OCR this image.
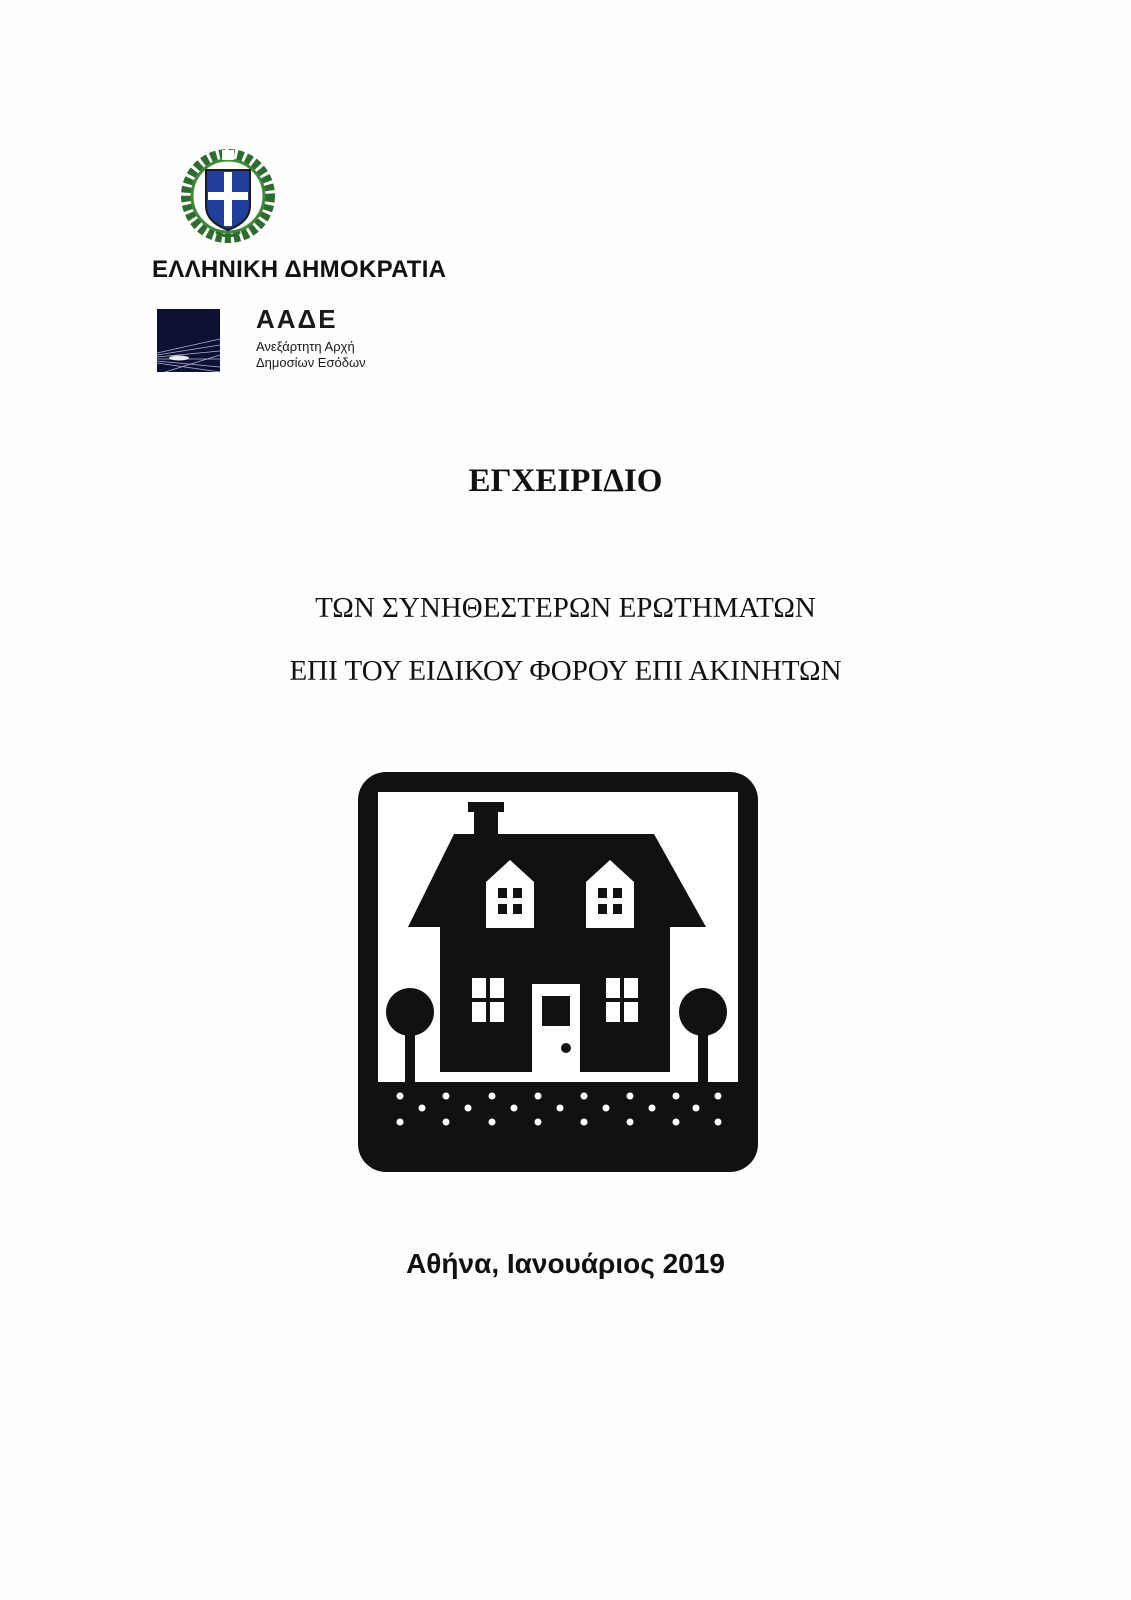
ΕΛΛΗΝΙΚΗ ΔΗΜΟΚΡΑΤΙΑ
ΑΑΔΕ
Ανεξάρτητη Αρχή
Δημοσίων Εσόδων
ΕΓΧΕΙΡΙΔΙΟ
ΤΩΝ ΣΥΝΗΘΕΣΤΕΡΩΝ ΕΡΩΤΗΜΑΤΩΝ
ΕΠΙ ΤΟΥ ΕΙΔΙΚΟΥ ΦΟΡΟΥ ΕΠΙ ΑΚΙΝΗΤΩΝ
Αθήνα, Ιανουάριος 2019
